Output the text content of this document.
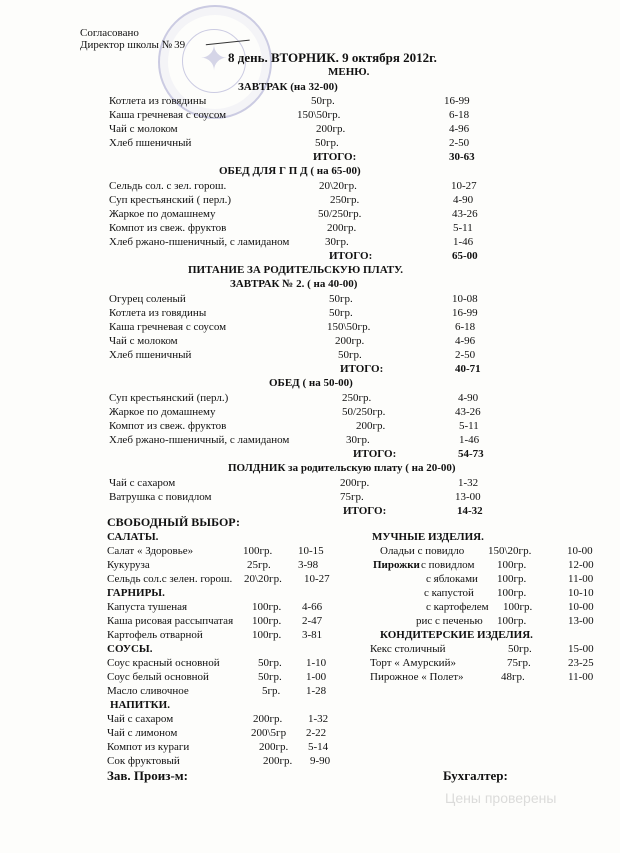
✦
Цены проверены
Согласовано
Директор школы № 39
8 день. ВТОРНИК. 9 октября 2012г.
МЕНЮ.
ЗАВТРАК (на 32-00)
Котлета из говядины	50гр.	16-99
Каша гречневая с соусом	150\50гр.	6-18
Чай с молоком	200гр.	4-96
Хлеб пшеничный	50гр.	2-50
ИТОГО:	30-63
ОБЕД ДЛЯ Г П Д ( на 65-00)
Сельдь сол. с зел. горош.	20\20гр.	10-27
Суп крестьянский ( перл.)	250гр.	4-90
Жаркое по домашнему	50/250гр.	43-26
Компот из свеж. фруктов	200гр.	5-11
Хлеб ржано-пшеничный, с ламиданом	30гр.	1-46
ИТОГО:	65-00
ПИТАНИЕ ЗА РОДИТЕЛЬСКУЮ ПЛАТУ.
ЗАВТРАК № 2. ( на 40-00)
Огурец соленый	50гр.	10-08
Котлета из говядины	50гр.	16-99
Каша гречневая с соусом	150\50гр.	6-18
Чай с молоком	200гр.	4-96
Хлеб пшеничный	50гр.	2-50
ИТОГО:	40-71
ОБЕД ( на 50-00)
Суп крестьянский (перл.)	250гр.	4-90
Жаркое по домашнему	50/250гр.	43-26
Компот из свеж. фруктов	200гр.	5-11
Хлеб ржано-пшеничный, с ламиданом	30гр.	1-46
ИТОГО:	54-73
ПОЛДНИК за родительскую плату ( на 20-00)
Чай с сахаром	200гр.	1-32
Ватрушка с повидлом	75гр.	13-00
ИТОГО:	14-32
СВОБОДНЫЙ ВЫБОР:
САЛАТЫ.
Салат « Здоровье»	100гр. 10-15
Кукуруза	25гр. 3-98
Сельдь сол.с зелен. горош. 20\20гр. 10-27
ГАРНИРЫ.
Капуста тушеная	100гр. 4-66
Каша рисовая рассыпчатая 100гр. 2-47
Картофель отварной	100гр. 3-81
СОУСЫ.
Соус красный основной	50гр. 1-10
Соус белый основной	50гр. 1-00
Масло сливочное	5гр. 1-28
НАПИТКИ.
Чай с сахаром	200гр. 1-32
Чай с лимоном	200\5гр 2-22
Компот из кураги	200гр. 5-14
Сок фруктовый	200гр. 9-90
МУЧНЫЕ ИЗДЕЛИЯ.
Оладьи с повидло 150\20гр.	10-00
Пирожки с повидлом 100гр.	12-00
с яблоками 100гр.	11-00
с капустой 100гр.	10-10
с картофелем 100гр.	10-00
рис с печенью 100гр.	13-00
КОНДИТЕРСКИЕ ИЗДЕЛИЯ.
Кекс столичный	50гр.	15-00
Торт « Амурский»	75гр.	23-25
Пирожное « Полет»	48гр.	11-00
Зав. Произ-м:	Бухгалтер:
